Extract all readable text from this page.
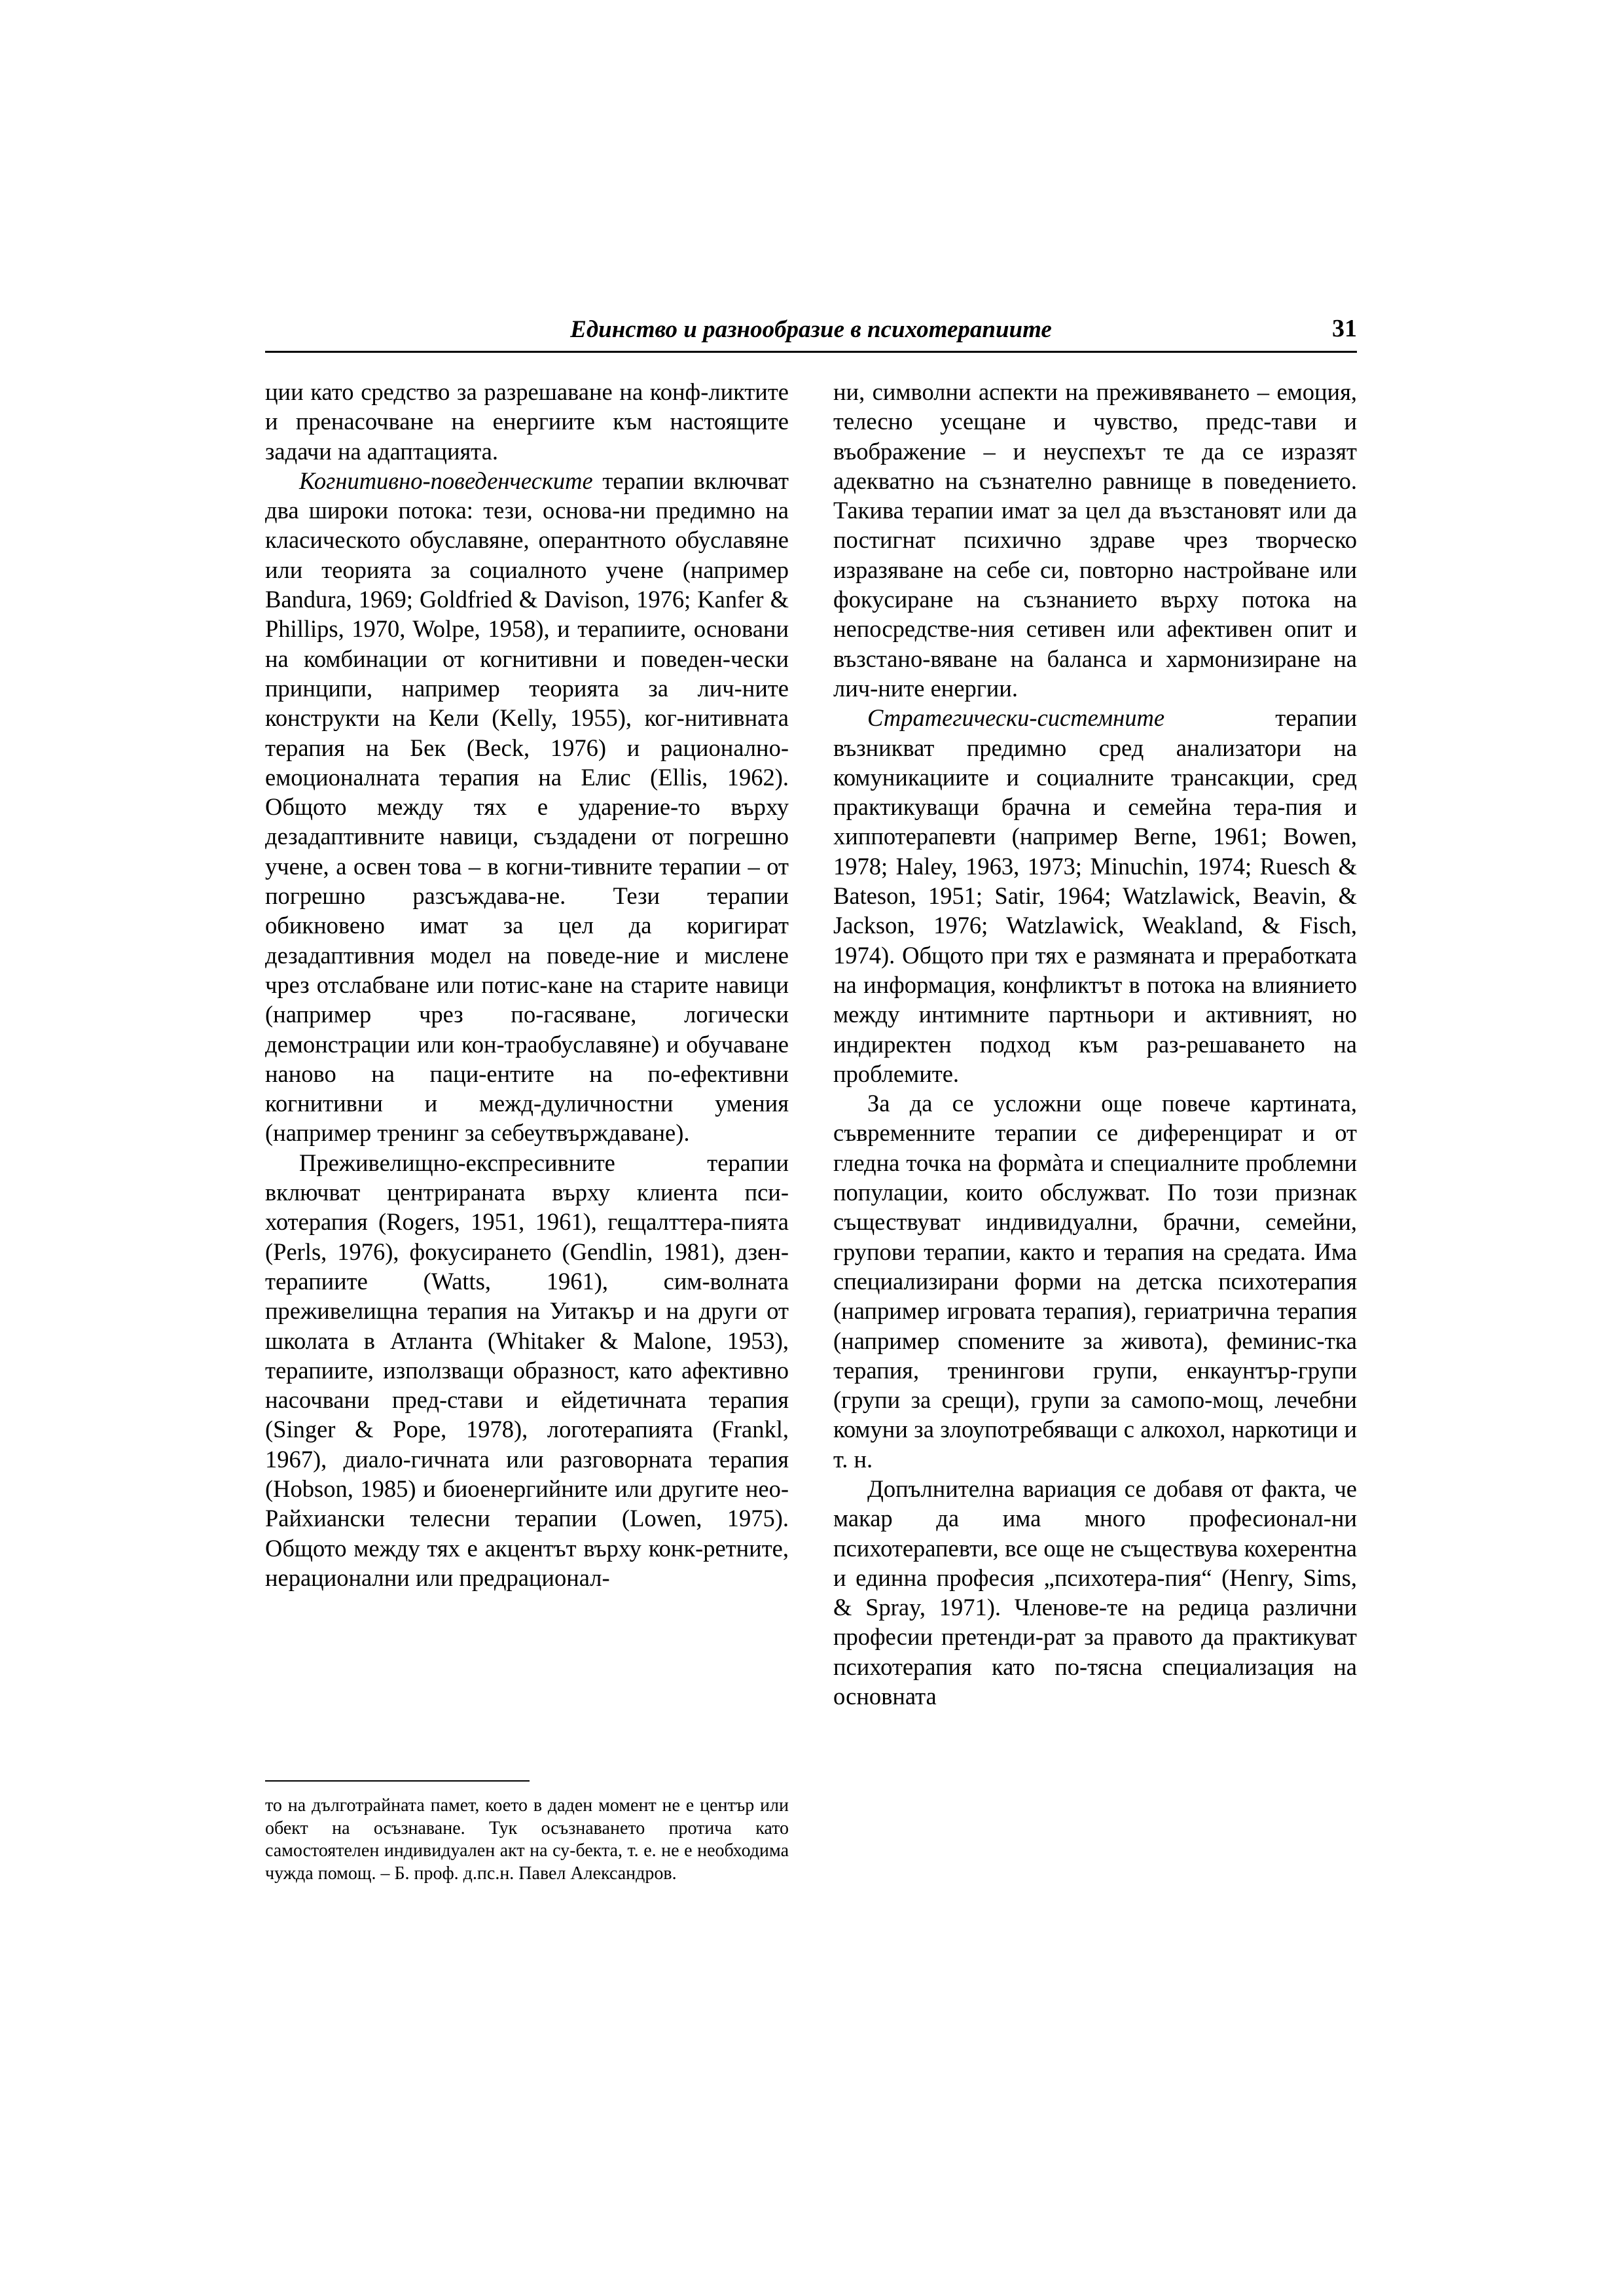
Единство и разнообразие в психотерапиите	31

ции като средство за разрешаване на конф-ликтите и пренасочване на енергиите към настоящите задачи на адаптацията.

Когнитивно-поведенческите терапии включват два широки потока: тези, основа-ни предимно на класическото обуславяне, оперантното обуславяне или теорията за социалното учене (например Bandura, 1969; Goldfried & Davison, 1976; Kanfer & Phillips, 1970, Wolpe, 1958), и терапиите, основани на комбинации от когнитивни и поведен-чески принципи, например теорията за лич-ните конструкти на Кели (Kelly, 1955), ког-нитивната терапия на Бек (Beck, 1976) и рационално-емоционалната терапия на Елис (Ellis, 1962). Общото между тях е ударение-то върху дезадаптивните навици, създадени от погрешно учене, а освен това – в когни-тивните терапии – от погрешно разсъждава-не. Тези терапии обикновено имат за цел да коригират дезадаптивния модел на поведе-ние и мислене чрез отслабване или потис-кане на старите навици (например чрез по-гасяване, логически демонстрации или кон-траобуславяне) и обучаване наново на паци-ентите на по-ефективни когнитивни и межд-дуличностни умения (например тренинг за себеутвърждаване).

Преживелищно-експресивните терапии включват центрираната върху клиента пси-хотерапия (Rogers, 1951, 1961), гещалттера-пията (Perls, 1976), фокусирането (Gendlin, 1981), дзен-терапиите (Watts, 1961), сим-волната преживелищна терапия на Уитакър и на други от школата в Атланта (Whitaker & Malone, 1953), терапиите, използващи образност, като афективно насочвани пред-стави и ейдетичната терапия (Singer & Pope, 1978), логотерапията (Frankl, 1967), диало-гичната или разговорната терапия (Hobson, 1985) и биоенергийните или другите нео-Райхиански телесни терапии (Lowen, 1975). Общото между тях е акцентът върху конк-ретните, нерационални или предрационал-

то на дълготрайната памет, което в даден момент не е център или обект на осъзнаване. Тук осъзнаването протича като самостоятелен индивидуален акт на су-бекта, т. е. не е необходима чужда помощ. – Б. проф. д.пс.н. Павел Александров.

ни, символни аспекти на преживяването – емоция, телесно усещане и чувство, предс-тави и въображение – и неуспехът те да се изразят адекватно на съзнателно равнище в поведението. Такива терапии имат за цел да възстановят или да постигнат психично здраве чрез творческо изразяване на себе си, повторно настройване или фокусиране на съзнанието върху потока на непосредстве-ния сетивен или афективен опит и възстано-вяване на баланса и хармонизиране на лич-ните енергии.

Стратегически-системните терапии възникват предимно сред анализатори на комуникациите и социалните трансакции, сред практикуващи брачна и семейна тера-пия и хиппотерапевти (например Berne, 1961; Bowen, 1978; Haley, 1963, 1973; Minuchin, 1974; Ruesch & Bateson, 1951; Satir, 1964; Watzlawick, Beavin, & Jackson, 1976; Watzlawick, Weakland, & Fisch, 1974). Общото при тях е размяната и преработката на информация, конфликтът в потока на влиянието между интимните партньори и активният, но индиректен подход към раз-решаването на проблемите.

За да се усложни още повече картината, съвременните терапии се диференцират и от гледна точка на формàта и специалните проблемни популации, които обслужват. По този признак съществуват индивидуални, брачни, семейни, групови терапии, както и терапия на средата. Има специализирани форми на детска психотерапия (например игровата терапия), гериатрична терапия (например спомените за живота), феминис-тка терапия, тренингови групи, енкаунтър-групи (групи за срещи), групи за самопо-мощ, лечебни комуни за злоупотребяващи с алкохол, наркотици и т. н.

Допълнителна вариация се добавя от факта, че макар да има много професионал-ни психотерапевти, все още не съществува кохерентна и единна професия „психотера-пия“ (Henry, Sims, & Spray, 1971). Членове-те на редица различни професии претенди-рат за правото да практикуват психотерапия като по-тясна специализация на основната
